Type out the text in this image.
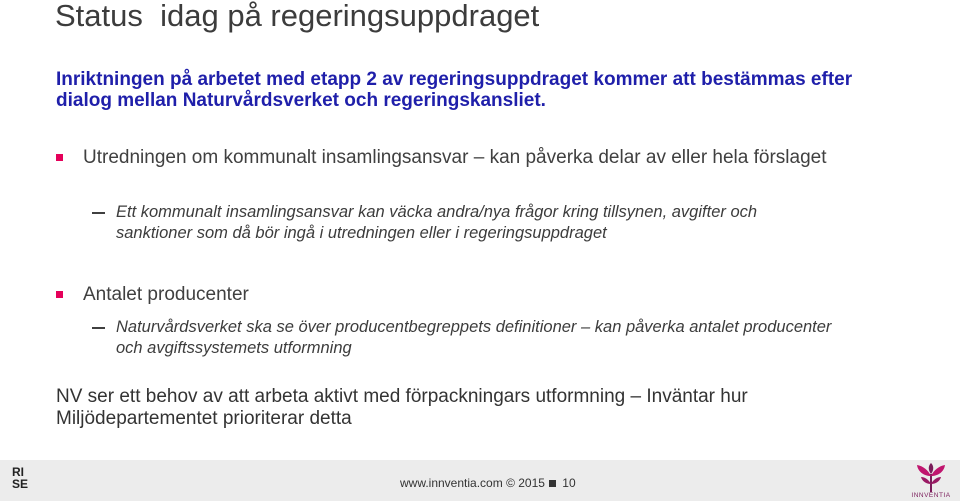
Status  idag på regeringsuppdraget

Inriktningen på arbetet med etapp 2 av regeringsuppdraget kommer att bestämmas efter dialog mellan Naturvårdsverket och regeringskansliet.

Utredningen om kommunalt insamlingsansvar – kan påverka delar av eller hela förslaget
Ett kommunalt insamlingsansvar kan väcka andra/nya frågor kring tillsynen, avgifter och sanktioner som då bör ingå i utredningen eller i regeringsuppdraget
Antalet producenter
Naturvårdsverket ska se över producentbegreppets definitioner – kan påverka antalet producenter och avgiftssystemets utformning

NV ser ett behov av att arbeta aktivt med förpackningars utformning – Inväntar hur Miljödepartementet prioriterar detta

RI
SE	www.innventia.com © 2015 10
INNVENTIA
